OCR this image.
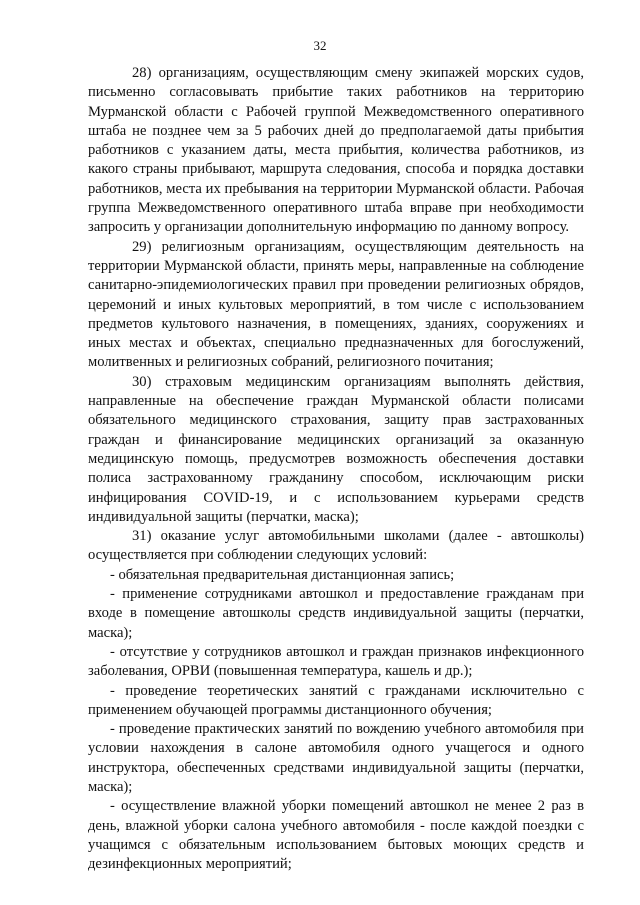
32

28) организациям, осуществляющим смену экипажей морских судов, письменно согласовывать прибытие таких работников на территорию Мурманской области с Рабочей группой Межведомственного оперативного штаба не позднее чем за 5 рабочих дней до предполагаемой даты прибытия работников с указанием даты, места прибытия, количества работников, из какого страны прибывают, маршрута следования, способа и порядка доставки работников, места их пребывания на территории Мурманской области. Рабочая группа Межведомственного оперативного штаба вправе при необходимости запросить у организации дополнительную информацию по данному вопросу.

29) религиозным организациям, осуществляющим деятельность на территории Мурманской области, принять меры, направленные на соблюдение санитарно-эпидемиологических правил при проведении религиозных обрядов, церемоний и иных культовых мероприятий, в том числе с использованием предметов культового назначения, в помещениях, зданиях, сооружениях и иных местах и объектах, специально предназначенных для богослужений, молитвенных и религиозных собраний, религиозного почитания;

30) страховым медицинским организациям выполнять действия, направленные на обеспечение граждан Мурманской области полисами обязательного медицинского страхования, защиту прав застрахованных граждан и финансирование медицинских организаций за оказанную медицинскую помощь, предусмотрев возможность обеспечения доставки полиса застрахованному гражданину способом, исключающим риски инфицирования COVID-19, и с использованием курьерами средств индивидуальной защиты (перчатки, маска);

31) оказание услуг автомобильными школами (далее - автошколы) осуществляется при соблюдении следующих условий:

- обязательная предварительная дистанционная запись;

- применение сотрудниками автошкол и предоставление гражданам при входе в помещение автошколы средств индивидуальной защиты (перчатки, маска);

- отсутствие у сотрудников автошкол и граждан признаков инфекционного заболевания, ОРВИ (повышенная температура, кашель и др.);

- проведение теоретических занятий с гражданами исключительно с применением обучающей программы дистанционного обучения;

- проведение практических занятий по вождению учебного автомобиля при условии нахождения в салоне автомобиля одного учащегося и одного инструктора, обеспеченных средствами индивидуальной защиты (перчатки, маска);

- осуществление влажной уборки помещений автошкол не менее 2 раз в день, влажной уборки салона учебного автомобиля - после каждой поездки с учащимся с обязательным использованием бытовых моющих средств и дезинфекционных мероприятий;
